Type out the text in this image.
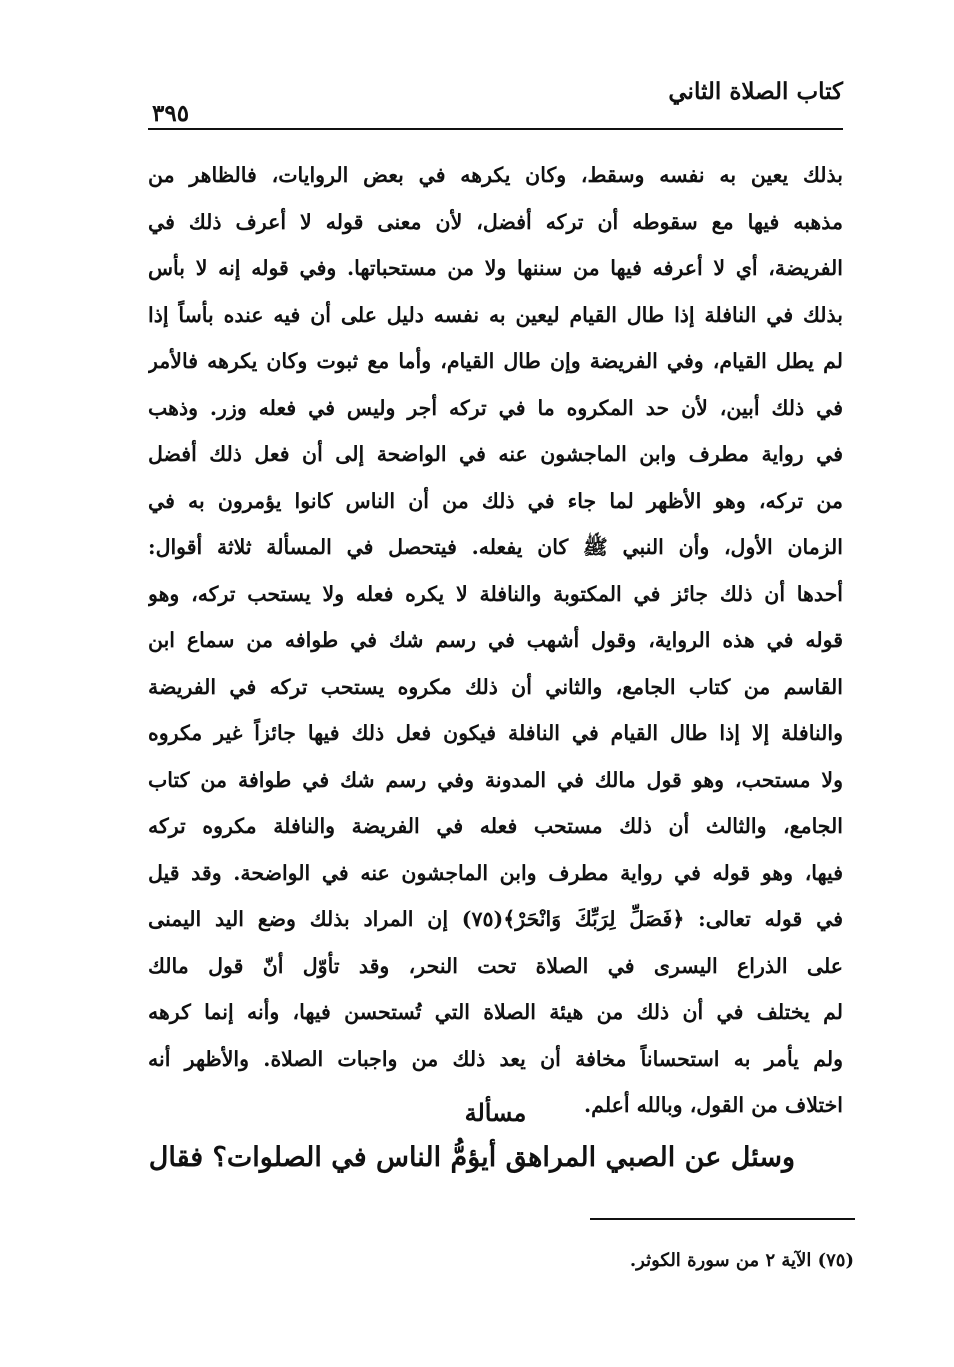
كتاب الصلاة الثاني
٣٩٥
بذلك يعين به نفسه وسقط، وكان يكرهه في بعض الروايات، فالظاهر من
مذهبه فيها مع سقوطه أن تركه أفضل، لأن معنى قوله لا أعرف ذلك في
الفريضة، أي لا أعرفه فيها من سننها ولا من مستحباتها. وفي قوله إنه لا بأس
بذلك في النافلة إذا طال القيام ليعين به نفسه دليل على أن فيه عنده بأساً إذا
لم يطل القيام، وفي الفريضة وإن طال القيام، وأما مع ثبوت وكان يكرهه فالأمر
في ذلك أبين، لأن حد المكروه ما في تركه أجر وليس في فعله وزر. وذهب
في رواية مطرف وابن الماجشون عنه في الواضحة إلى أن فعل ذلك أفضل
من تركه، وهو الأظهر لما جاء في ذلك من أن الناس كانوا يؤمرون به في
الزمان الأول، وأن النبي ﷺ كان يفعله. فيتحصل في المسألة ثلاثة أقوال:
أحدها أن ذلك جائز في المكتوبة والنافلة لا يكره فعله ولا يستحب تركه، وهو
قوله في هذه الرواية، وقول أشهب في رسم شك في طوافه من سماع ابن
القاسم من كتاب الجامع، والثاني أن ذلك مكروه يستحب تركه في الفريضة
والنافلة إلا إذا طال القيام في النافلة فيكون فعل ذلك فيها جائزاً غير مكروه
ولا مستحب، وهو قول مالك في المدونة وفي رسم شك في طوافة من كتاب
الجامع، والثالث أن ذلك مستحب فعله في الفريضة والنافلة مكروه تركه
فيها، وهو قوله في رواية مطرف وابن الماجشون عنه في الواضحة. وقد قيل
في قوله تعالى: ﴿فَصَلِّ لِرَبِّكَ وَانْحَرْ﴾(٧٥) إن المراد بذلك وضع اليد اليمنى
على الذراع اليسرى في الصلاة تحت النحر، وقد تأوّل أنّ قول مالك
لم يختلف في أن ذلك من هيئة الصلاة التي تُستحسن فيها، وأنه إنما كرهه
ولم يأمر به استحساناً مخافة أن يعد ذلك من واجبات الصلاة. والأظهر أنه
اختلاف من القول، وبالله أعلم.
مسألة
وسئل عن الصبي المراهق أيؤمُّ الناس في الصلوات؟ فقال
(٧٥) الآية ٢ من سورة الكوثر.
